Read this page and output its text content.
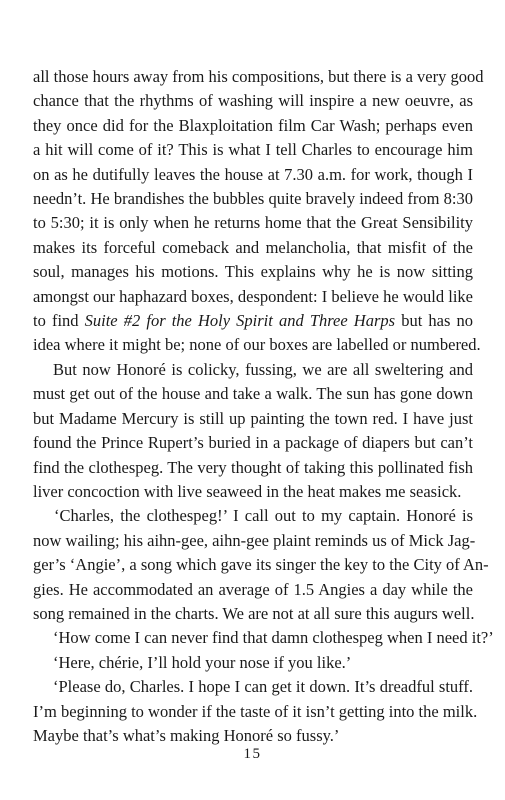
all those hours away from his compositions, but there is a very good
chance that the rhythms of washing will inspire a new oeuvre, as
they once did for the Blaxploitation film Car Wash; perhaps even
a hit will come of it? This is what I tell Charles to encourage him
on as he dutifully leaves the house at 7.30 a.m. for work, though I
needn’t. He brandishes the bubbles quite bravely indeed from 8:30
to 5:30; it is only when he returns home that the Great Sensibility
makes its forceful comeback and melancholia, that misfit of the
soul, manages his motions. This explains why he is now sitting
amongst our haphazard boxes, despondent: I believe he would like
to find Suite #2 for the Holy Spirit and Three Harps but has no
idea where it might be; none of our boxes are labelled or numbered.
But now Honoré is colicky, fussing, we are all sweltering and
must get out of the house and take a walk. The sun has gone down
but Madame Mercury is still up painting the town red. I have just
found the Prince Rupert’s buried in a package of diapers but can’t
find the clothespeg. The very thought of taking this pollinated fish
liver concoction with live seaweed in the heat makes me seasick.
‘Charles, the clothespeg!’ I call out to my captain. Honoré is
now wailing; his aihn-gee, aihn-gee plaint reminds us of Mick Jag-
ger’s ‘Angie’, a song which gave its singer the key to the City of An-
gies. He accommodated an average of 1.5 Angies a day while the
song remained in the charts. We are not at all sure this augurs well.
‘How come I can never find that damn clothespeg when I need it?’
‘Here, chérie, I’ll hold your nose if you like.’
‘Please do, Charles. I hope I can get it down. It’s dreadful stuff.
I’m beginning to wonder if the taste of it isn’t getting into the milk.
Maybe that’s what’s making Honoré so fussy.’
15
